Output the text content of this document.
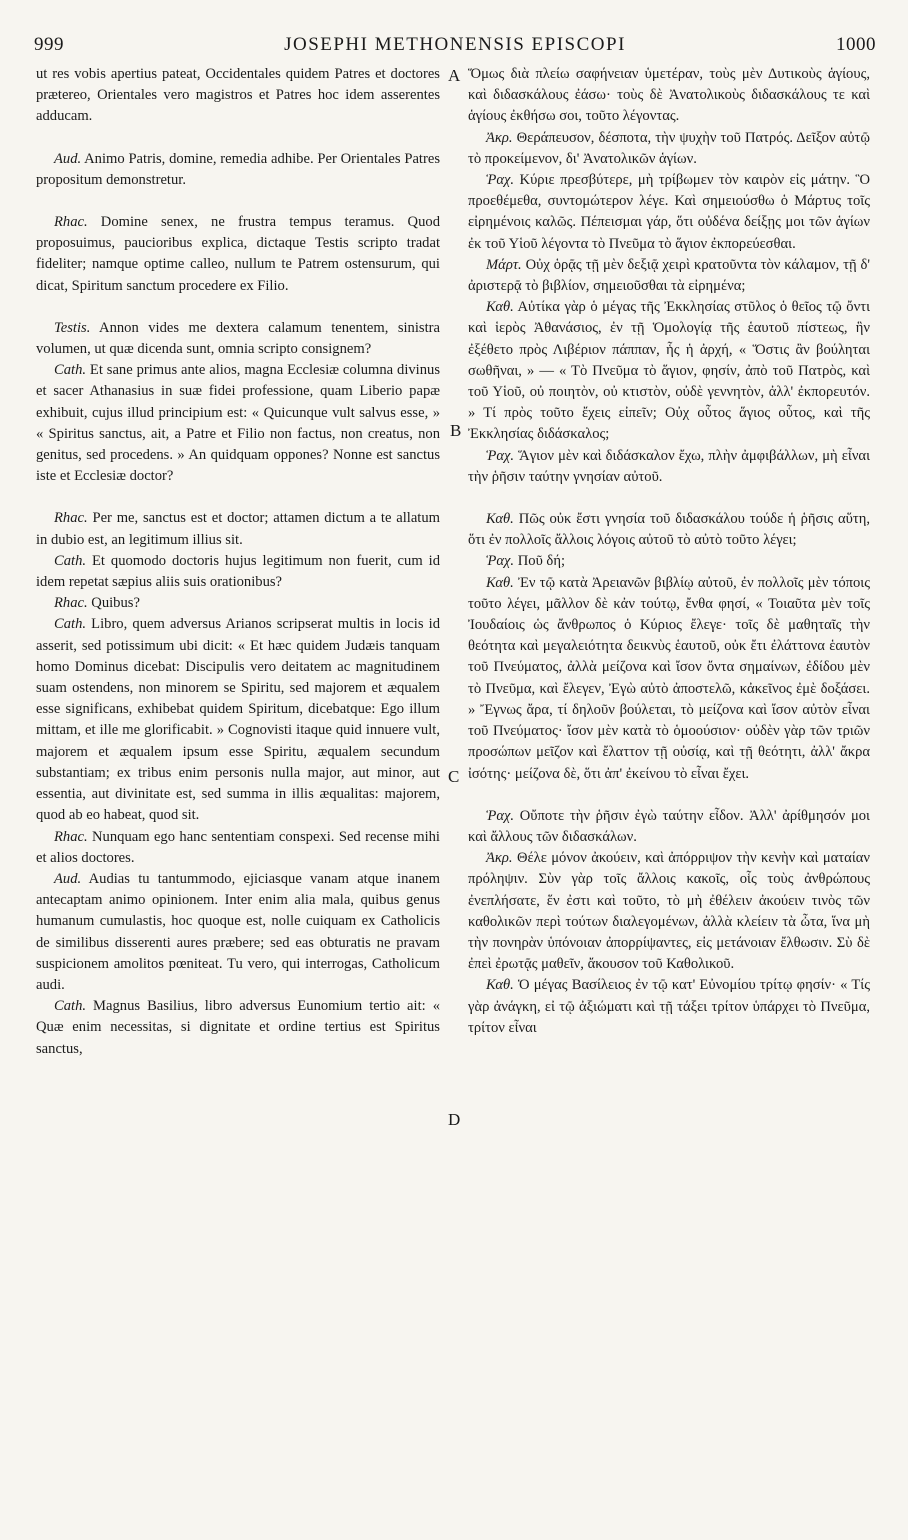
999	JOSEPHI METHONENSIS EPISCOPI	1000
A
B
C
D

ut res vobis apertius pateat, Occidentales quidem Patres et doctores prætereo, Orientales vero magistros et Patres hoc idem asserentes adducam.

Aud. Animo Patris, domine, remedia adhibe. Per Orientales Patres propositum demonstretur.

Rhac. Domine senex, ne frustra tempus teramus. Quod proposuimus, paucioribus explica, dictaque Testis scripto tradat fideliter; namque optime calleo, nullum te Patrem ostensurum, qui dicat, Spiritum sanctum procedere ex Filio.

Testis. Annon vides me dextera calamum tenentem, sinistra volumen, ut quæ dicenda sunt, omnia scripto consignem?

Cath. Et sane primus ante alios, magna Ecclesiæ columna divinus et sacer Athanasius in suæ fidei professione, quam Liberio papæ exhibuit, cujus illud principium est: « Quicunque vult salvus esse, » « Spiritus sanctus, ait, a Patre et Filio non factus, non creatus, non genitus, sed procedens. » An quidquam oppones? Nonne est sanctus iste et Ecclesiæ doctor?

Rhac. Per me, sanctus est et doctor; attamen dictum a te allatum in dubio est, an legitimum illius sit.

Cath. Et quomodo doctoris hujus legitimum non fuerit, cum id idem repetat sæpius aliis suis orationibus?

Rhac. Quibus?

Cath. Libro, quem adversus Arianos scripserat multis in locis id asserit, sed potissimum ubi dicit: « Et hæc quidem Judæis tanquam homo Dominus dicebat: Discipulis vero deitatem ac magnitudinem suam ostendens, non minorem se Spiritu, sed majorem et æqualem esse significans, exhibebat quidem Spiritum, dicebatque: Ego illum mittam, et ille me glorificabit. » Cognovisti itaque quid innuere vult, majorem et æqualem ipsum esse Spiritu, æqualem secundum substantiam; ex tribus enim personis nulla major, aut minor, aut essentia, aut divinitate est, sed summa in illis æqualitas: majorem, quod ab eo habeat, quod sit.

Rhac. Nunquam ego hanc sententiam conspexi. Sed recense mihi et alios doctores.

Aud. Audias tu tantummodo, ejiciasque vanam atque inanem antecaptam animo opinionem. Inter enim alia mala, quibus genus humanum cumulastis, hoc quoque est, nolle cuiquam ex Catholicis de similibus disserenti aures præbere; sed eas obturatis ne pravam suspicionem amolitos pœniteat. Tu vero, qui interrogas, Catholicum audi.

Cath. Magnus Basilius, libro adversus Eunomium tertio ait: « Quæ enim necessitas, si dignitate et ordine tertius est Spiritus sanctus,

Ὅμως διὰ πλείω σαφήνειαν ὑμετέραν, τοὺς μὲν Δυτικοὺς ἁγίους, καὶ διδασκάλους ἐάσω· τοὺς δὲ Ἀνατολικοὺς διδασκάλους τε καὶ ἁγίους ἐκθήσω σοι, τοῦτο λέγοντας.

Ἀκρ. Θεράπευσον, δέσποτα, τὴν ψυχὴν τοῦ Πατρός. Δεῖξον αὐτῷ τὸ προκείμενον, δι' Ἀνατολικῶν ἁγίων.

Ῥαχ. Κύριε πρεσβύτερε, μὴ τρίβωμεν τὸν καιρὸν εἰς μάτην. Ὃ προεθέμεθα, συντομώτερον λέγε. Καὶ σημειούσθω ὁ Μάρτυς τοῖς εἰρημένοις καλῶς. Πέπεισμαι γάρ, ὅτι οὐδένα δείξῃς μοι τῶν ἁγίων ἐκ τοῦ Υἱοῦ λέγοντα τὸ Πνεῦμα τὸ ἅγιον ἐκπορεύεσθαι.

Μάρτ. Οὐχ ὁρᾷς τῇ μὲν δεξιᾷ χειρὶ κρατοῦντα τὸν κάλαμον, τῇ δ' ἀριστερᾷ τὸ βιβλίον, σημειοῦσθαι τὰ εἰρημένα;

Καθ. Αὐτίκα γὰρ ὁ μέγας τῆς Ἐκκλησίας στῦλος ὁ θεῖος τῷ ὄντι καὶ ἱερὸς Ἀθανάσιος, ἐν τῇ Ὁμολογίᾳ τῆς ἑαυτοῦ πίστεως, ἣν ἐξέθετο πρὸς Λιβέριον πάππαν, ἧς ἡ ἀρχή, « Ὅστις ἂν βούληται σωθῆναι, » — « Τὸ Πνεῦμα τὸ ἅγιον, φησίν, ἀπὸ τοῦ Πατρὸς, καὶ τοῦ Υἱοῦ, οὐ ποιητὸν, οὐ κτιστὸν, οὐδὲ γεννητὸν, ἀλλ' ἐκπορευτόν. » Τί πρὸς τοῦτο ἔχεις εἰπεῖν; Οὐχ οὗτος ἅγιος οὗτος, καὶ τῆς Ἐκκλησίας διδάσκαλος;

Ῥαχ. Ἅγιον μὲν καὶ διδάσκαλον ἔχω, πλὴν ἀμφιβάλλων, μὴ εἶναι τὴν ῥῆσιν ταύτην γνησίαν αὐτοῦ.

Καθ. Πῶς οὐκ ἔστι γνησία τοῦ διδασκάλου τούδε ἡ ῥῆσις αὕτη, ὅτι ἐν πολλοῖς ἄλλοις λόγοις αὐτοῦ τὸ αὐτὸ τοῦτο λέγει;

Ῥαχ. Ποῦ δή;

Καθ. Ἐν τῷ κατὰ Ἀρειανῶν βιβλίῳ αὐτοῦ, ἐν πολλοῖς μὲν τόποις τοῦτο λέγει, μᾶλλον δὲ κἀν τούτῳ, ἔνθα φησί, « Τοιαῦτα μὲν τοῖς Ἰουδαίοις ὡς ἄνθρωπος ὁ Κύριος ἔλεγε· τοῖς δὲ μαθηταῖς τὴν θεότητα καὶ μεγαλειότητα δεικνὺς ἑαυτοῦ, οὐκ ἔτι ἐλάττονα ἑαυτὸν τοῦ Πνεύματος, ἀλλὰ μείζονα καὶ ἴσον ὄντα σημαίνων, ἐδίδου μὲν τὸ Πνεῦμα, καὶ ἔλεγεν, Ἐγὼ αὐτὸ ἀποστελῶ, κἀκεῖνος ἐμὲ δοξάσει. » Ἔγνως ἄρα, τί δηλοῦν βούλεται, τὸ μείζονα καὶ ἴσον αὐτὸν εἶναι τοῦ Πνεύματος· ἴσον μὲν κατὰ τὸ ὁμοούσιον· οὐδὲν γὰρ τῶν τριῶν προσώπων μεῖζον καὶ ἔλαττον τῇ οὐσίᾳ, καὶ τῇ θεότητι, ἀλλ' ἄκρα ἰσότης· μείζονα δὲ, ὅτι ἀπ' ἐκείνου τὸ εἶναι ἔχει.

Ῥαχ. Οὔποτε τὴν ῥῆσιν ἐγὼ ταύτην εἶδον. Ἀλλ' ἀρίθμησόν μοι καὶ ἄλλους τῶν διδασκάλων.

Ἀκρ. Θέλε μόνον ἀκούειν, καὶ ἀπόρριψον τὴν κενὴν καὶ ματαίαν πρόληψιν. Σὺν γὰρ τοῖς ἄλλοις κακοῖς, οἷς τοὺς ἀνθρώπους ἐνεπλήσατε, ἕν ἐστι καὶ τοῦτο, τὸ μὴ ἐθέλειν ἀκούειν τινὸς τῶν καθολικῶν περὶ τούτων διαλεγομένων, ἀλλὰ κλείειν τὰ ὦτα, ἵνα μὴ τὴν πονηρὰν ὑπόνοιαν ἀπορρίψαντες, εἰς μετάνοιαν ἔλθωσιν. Σὺ δὲ ἐπεὶ ἐρωτᾷς μαθεῖν, ἄκουσον τοῦ Καθολικοῦ.

Καθ. Ὁ μέγας Βασίλειος ἐν τῷ κατ' Εὐνομίου τρίτῳ φησίν· « Τίς γὰρ ἀνάγκη, εἰ τῷ ἀξιώματι καὶ τῇ τάξει τρίτον ὑπάρχει τὸ Πνεῦμα, τρίτον εἶναι
